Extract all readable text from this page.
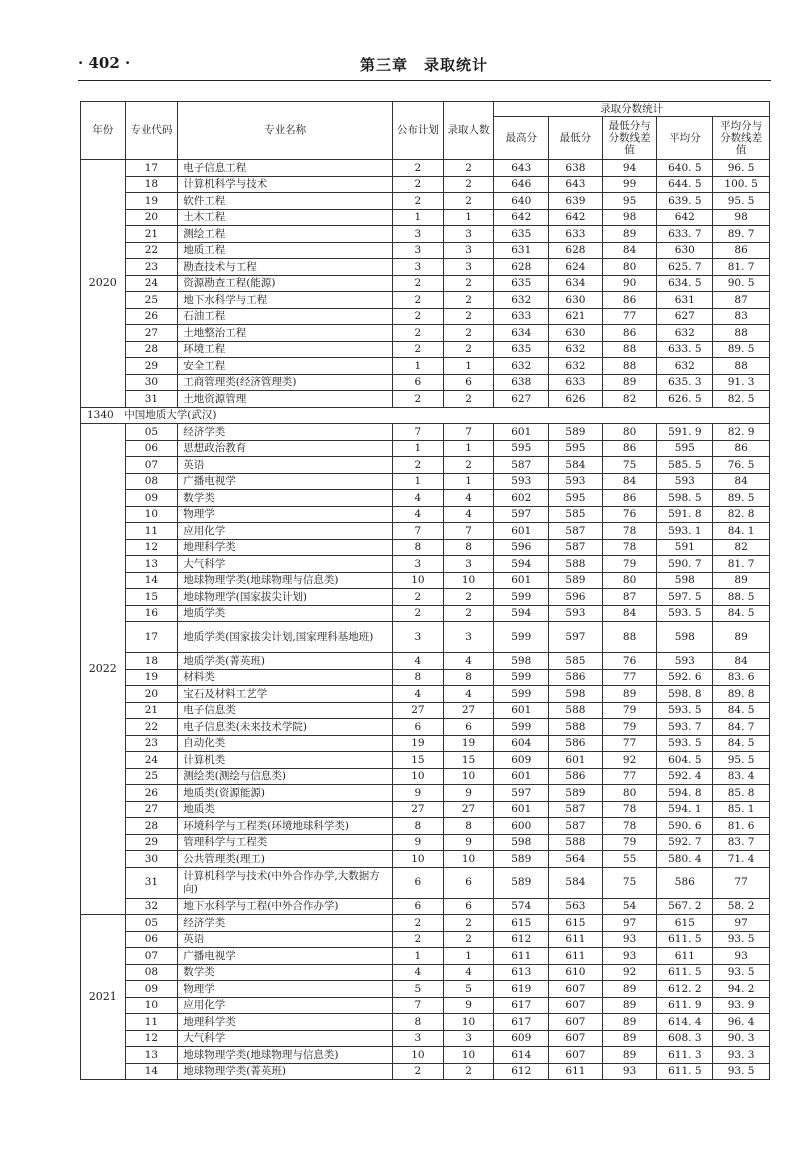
· 402 ·	第三章　录取统计
年份	专业代码	专业名称	公布计划	录取人数	录取分数统计				
					最高分	最低分	最低分与分数线差值	平均分	平均分与分数线差值
2020	17	电子信息工程	2	2	643	638	94	640. 5	96. 5
	18	计算机科学与技术	2	2	646	643	99	644. 5	100. 5
	19	软件工程	2	2	640	639	95	639. 5	95. 5
	20	土木工程	1	1	642	642	98	642	98
	21	测绘工程	3	3	635	633	89	633. 7	89. 7
	22	地质工程	3	3	631	628	84	630	86
	23	勘查技术与工程	3	3	628	624	80	625. 7	81. 7
	24	资源勘查工程(能源)	2	2	635	634	90	634. 5	90. 5
	25	地下水科学与工程	2	2	632	630	86	631	87
	26	石油工程	2	2	633	621	77	627	83
	27	土地整治工程	2	2	634	630	86	632	88
	28	环境工程	2	2	635	632	88	633. 5	89. 5
	29	安全工程	1	1	632	632	88	632	88
	30	工商管理类(经济管理类)	6	6	638	633	89	635. 3	91. 3
	31	土地资源管理	2	2	627	626	82	626. 5	82. 5
1340　中国地质大学(武汉)									
2022	05	经济学类	7	7	601	589	80	591. 9	82. 9
	06	思想政治教育	1	1	595	595	86	595	86
	07	英语	2	2	587	584	75	585. 5	76. 5
	08	广播电视学	1	1	593	593	84	593	84
	09	数学类	4	4	602	595	86	598. 5	89. 5
	10	物理学	4	4	597	585	76	591. 8	82. 8
	11	应用化学	7	7	601	587	78	593. 1	84. 1
	12	地理科学类	8	8	596	587	78	591	82
	13	大气科学	3	3	594	588	79	590. 7	81. 7
	14	地球物理学类(地球物理与信息类)	10	10	601	589	80	598	89
	15	地球物理学(国家拔尖计划)	2	2	599	596	87	597. 5	88. 5
	16	地质学类	2	2	594	593	84	593. 5	84. 5
	17	地质学类(国家拔尖计划,国家理科基地班)	3	3	599	597	88	598	89
	18	地质学类(菁英班)	4	4	598	585	76	593	84
	19	材料类	8	8	599	586	77	592. 6	83. 6
	20	宝石及材料工艺学	4	4	599	598	89	598. 8	89. 8
	21	电子信息类	27	27	601	588	79	593. 5	84. 5
	22	电子信息类(未来技术学院)	6	6	599	588	79	593. 7	84. 7
	23	自动化类	19	19	604	586	77	593. 5	84. 5
	24	计算机类	15	15	609	601	92	604. 5	95. 5
	25	测绘类(测绘与信息类)	10	10	601	586	77	592. 4	83. 4
	26	地质类(资源能源)	9	9	597	589	80	594. 8	85. 8
	27	地质类	27	27	601	587	78	594. 1	85. 1
	28	环境科学与工程类(环境地球科学类)	8	8	600	587	78	590. 6	81. 6
	29	管理科学与工程类	9	9	598	588	79	592. 7	83. 7
	30	公共管理类(理工)	10	10	589	564	55	580. 4	71. 4
	31	计算机科学与技术(中外合作办学,大数据方向)	6	6	589	584	75	586	77
	32	地下水科学与工程(中外合作办学)	6	6	574	563	54	567. 2	58. 2
2021	05	经济学类	2	2	615	615	97	615	97
	06	英语	2	2	612	611	93	611. 5	93. 5
	07	广播电视学	1	1	611	611	93	611	93
	08	数学类	4	4	613	610	92	611. 5	93. 5
	09	物理学	5	5	619	607	89	612. 2	94. 2
	10	应用化学	7	9	617	607	89	611. 9	93. 9
	11	地理科学类	8	10	617	607	89	614. 4	96. 4
	12	大气科学	3	3	609	607	89	608. 3	90. 3
	13	地球物理学类(地球物理与信息类)	10	10	614	607	89	611. 3	93. 3
	14	地球物理学类(菁英班)	2	2	612	611	93	611. 5	93. 5
